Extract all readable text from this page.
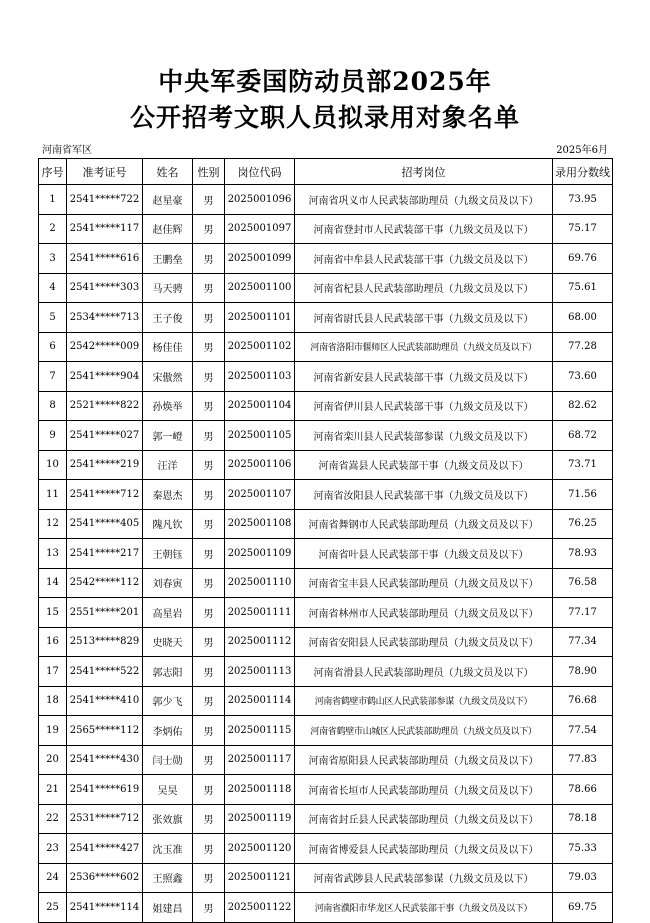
中央军委国防动员部2025年
公开招考文职人员拟录用对象名单
河南省军区	2025年6月
序号	准考证号	姓名	性别	岗位代码	招考岗位	录用分数线
1	2541*****722	赵星豪	男	2025001096	河南省巩义市人民武装部助理员（九级文员及以下）	73.95
2	2541*****117	赵佳辉	男	2025001097	河南省登封市人民武装部干事（九级文员及以下）	75.17
3	2541*****616	王鹏垒	男	2025001099	河南省中牟县人民武装部干事（九级文员及以下）	69.76
4	2541*****303	马天骋	男	2025001100	河南省杞县人民武装部助理员（九级文员及以下）	75.61
5	2534*****713	王子俊	男	2025001101	河南省尉氏县人民武装部干事（九级文员及以下）	68.00
6	2542*****009	杨佳佳	男	2025001102	河南省洛阳市偃师区人民武装部助理员（九级文员及以下）	77.28
7	2541*****904	宋傲然	男	2025001103	河南省新安县人民武装部干事（九级文员及以下）	73.60
8	2521*****822	孙焕举	男	2025001104	河南省伊川县人民武装部干事（九级文员及以下）	82.62
9	2541*****027	郭一嶝	男	2025001105	河南省栾川县人民武装部参谋（九级文员及以下）	68.72
10	2541*****219	汪洋	男	2025001106	河南省嵩县人民武装部干事（九级文员及以下）	73.71
11	2541*****712	秦恩杰	男	2025001107	河南省汝阳县人民武装部干事（九级文员及以下）	71.56
12	2541*****405	隗凡钦	男	2025001108	河南省舞钢市人民武装部助理员（九级文员及以下）	76.25
13	2541*****217	王朝钰	男	2025001109	河南省叶县人民武装部干事（九级文员及以下）	78.93
14	2542*****112	刘春寅	男	2025001110	河南省宝丰县人民武装部助理员（九级文员及以下）	76.58
15	2551*****201	高星岩	男	2025001111	河南省林州市人民武装部助理员（九级文员及以下）	77.17
16	2513*****829	史晓天	男	2025001112	河南省安阳县人民武装部助理员（九级文员及以下）	77.34
17	2541*****522	郭志阳	男	2025001113	河南省滑县人民武装部助理员（九级文员及以下）	78.90
18	2541*****410	郭少飞	男	2025001114	河南省鹤壁市鹤山区人民武装部参谋（九级文员及以下）	76.68
19	2565*****112	李炳佑	男	2025001115	河南省鹤壁市山城区人民武装部助理员（九级文员及以下）	77.54
20	2541*****430	闫士勋	男	2025001117	河南省原阳县人民武装部助理员（九级文员及以下）	77.83
21	2541*****619	吴昊	男	2025001118	河南省长垣市人民武装部助理员（九级文员及以下）	78.66
22	2531*****712	张效旗	男	2025001119	河南省封丘县人民武装部助理员（九级文员及以下）	78.18
23	2541*****427	沈玉准	男	2025001120	河南省博爱县人民武装部助理员（九级文员及以下）	75.33
24	2536*****602	王照鑫	男	2025001121	河南省武陟县人民武装部参谋（九级文员及以下）	79.03
25	2541*****114	姐建昌	男	2025001122	河南省濮阳市华龙区人民武装部干事（九级文员及以下）	69.75
